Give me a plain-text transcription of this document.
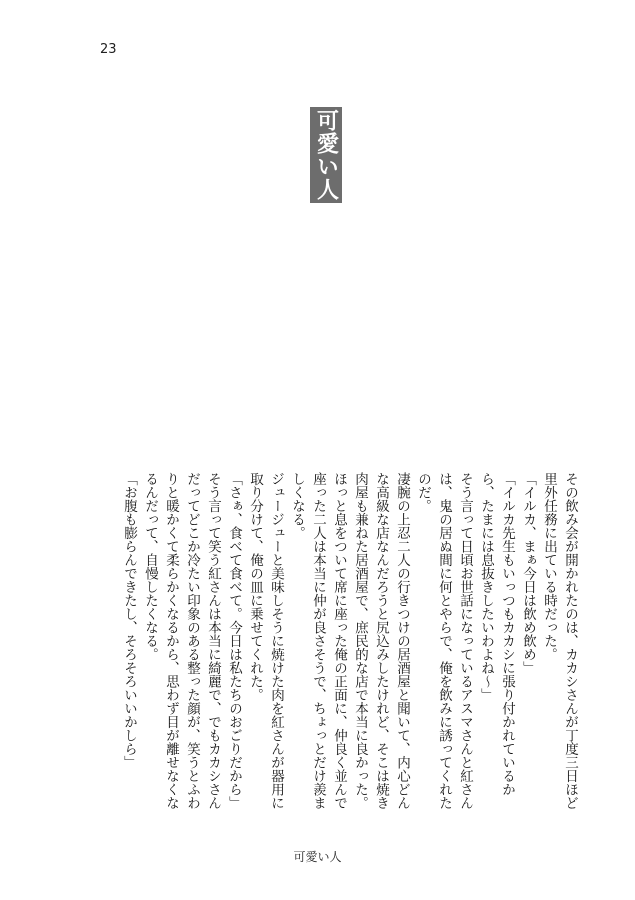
23
可愛い人

その飲み会が開かれたのは、カカシさんが丁度三日ほど里外任務に出ている時だった。

「イルカ、まぁ今日は飲め飲め」

「イルカ先生もいっつもカカシに張り付かれているから、たまには息抜きしたいわよね〜」

そう言って日頃お世話になっているアスマさんと紅さんは、鬼の居ぬ間に何とやらで、俺を飲みに誘ってくれたのだ。

凄腕の上忍二人の行きつけの居酒屋と聞いて、内心どんな高級な店なんだろうと尻込みしたけれど、そこは焼き肉屋も兼ねた居酒屋で、庶民的な店で本当に良かった。

ほっと息をついて席に座った俺の正面に、仲良く並んで座った二人は本当に仲が良さそうで、ちょっとだけ羨ましくなる。

ジュージューと美味しそうに焼けた肉を紅さんが器用に取り分けて、俺の皿に乗せてくれた。

「さぁ、食べて食べて。今日は私たちのおごりだから」

そう言って笑う紅さんは本当に綺麗で、でもカカシさんだってどこか冷たい印象のある整った顔が、笑うとふわりと暖かくて柔らかくなるから、思わず目が離せなくなるんだって、自慢したくなる。

「お腹も膨らんできたし、そろそろいいかしら」

可愛い人
